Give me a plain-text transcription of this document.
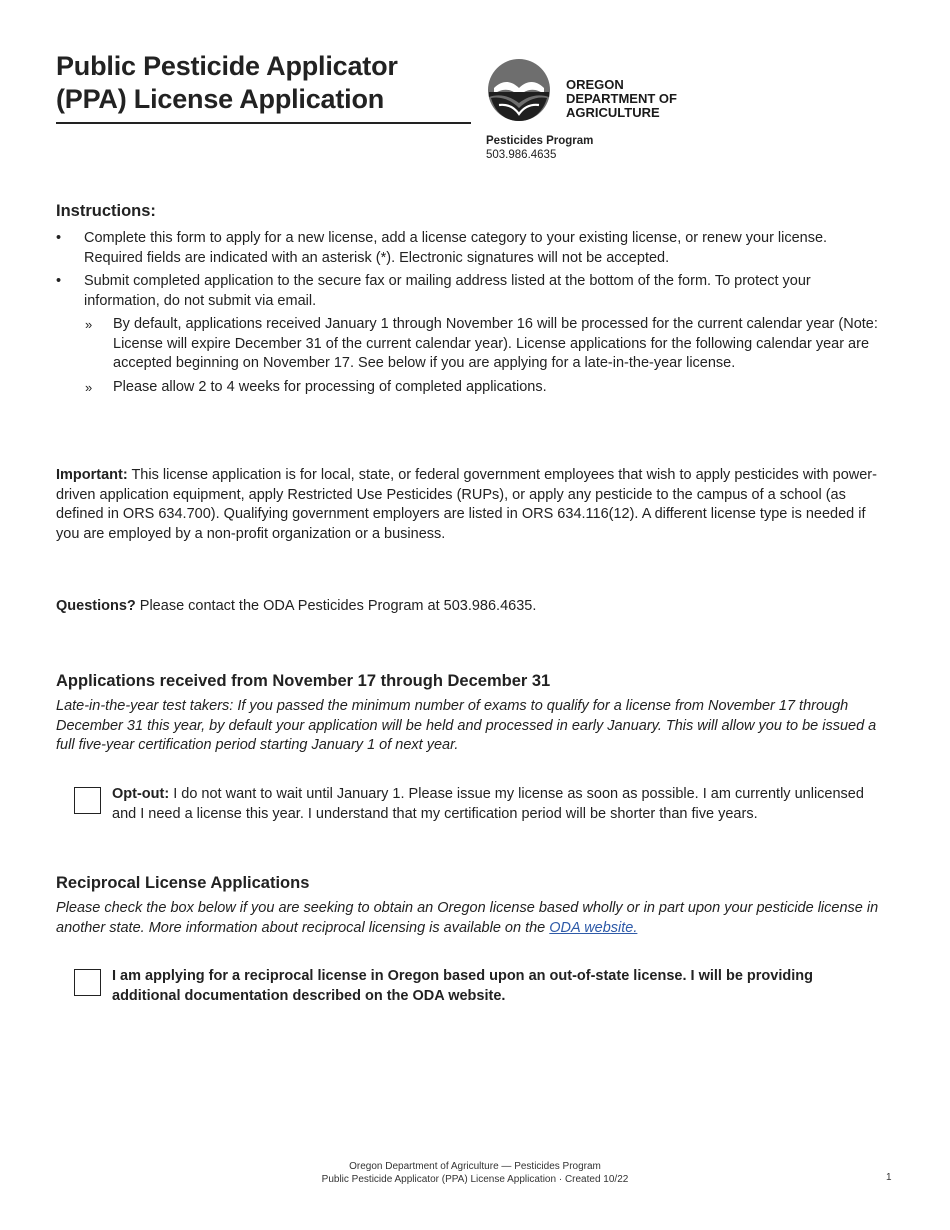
Public Pesticide Applicator
(PPA) License Application	OREGON
DEPARTMENT OF
AGRICULTURE
Pesticides Program
503.986.4635
Instructions:
• Complete this form to apply for a new license, add a license category to your existing license, or renew your license. Required fields are indicated with an asterisk (*). Electronic signatures will not be accepted.
• Submit completed application to the secure fax or mailing address listed at the bottom of the form. To protect your information, do not submit via email.
» By default, applications received January 1 through November 16 will be processed for the current calendar year (Note: License will expire December 31 of the current calendar year). License applications for the following calendar year are accepted beginning on November 17. See below if you are applying for a late-in-the-year license.
» Please allow 2 to 4 weeks for processing of completed applications.
Important: This license application is for local, state, or federal government employees that wish to apply pesticides with power-driven application equipment, apply Restricted Use Pesticides (RUPs), or apply any pesticide to the campus of a school (as defined in ORS 634.700). Qualifying government employers are listed in ORS 634.116(12). A different license type is needed if you are employed by a non-profit organization or a business.
Questions? Please contact the ODA Pesticides Program at 503.986.4635.
Applications received from November 17 through December 31
Late-in-the-year test takers: If you passed the minimum number of exams to qualify for a license from November 17 through December 31 this year, by default your application will be held and processed in early January. This will allow you to be issued a full five-year certification period starting January 1 of next year.
Opt-out: I do not want to wait until January 1. Please issue my license as soon as possible. I am currently unlicensed and I need a license this year. I understand that my certification period will be shorter than five years.
Reciprocal License Applications
Please check the box below if you are seeking to obtain an Oregon license based wholly or in part upon your pesticide license in another state. More information about reciprocal licensing is available on the ODA website.
I am applying for a reciprocal license in Oregon based upon an out-of-state license. I will be providing additional documentation described on the ODA website.
Oregon Department of Agriculture — Pesticides Program
Public Pesticide Applicator (PPA) License Application · Created 10/22	1
